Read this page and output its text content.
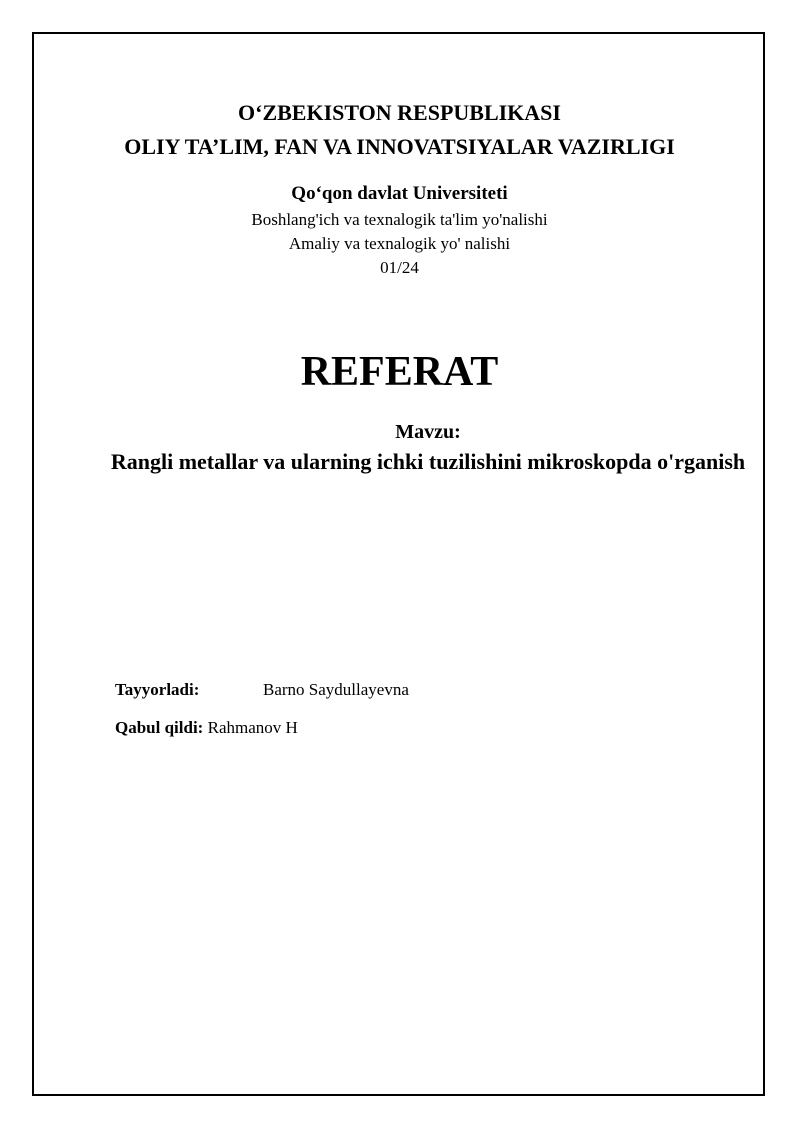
O‘ZBEKISTON RESPUBLIKASI
OLIY TA’LIM, FAN VA INNOVATSIYALAR VAZIRLIGI
Qo‘qon davlat Universiteti
Boshlang'ich va texnalogik ta'lim yo'nalishi
Amaliy va texnalogik yo' nalishi
01/24
REFERAT
Mavzu:
Rangli metallar va ularning ichki tuzilishini mikroskopda o'rganish
Tayyorladi:	Barno Saydullayevna
Qabul qildi: Rahmanov H
